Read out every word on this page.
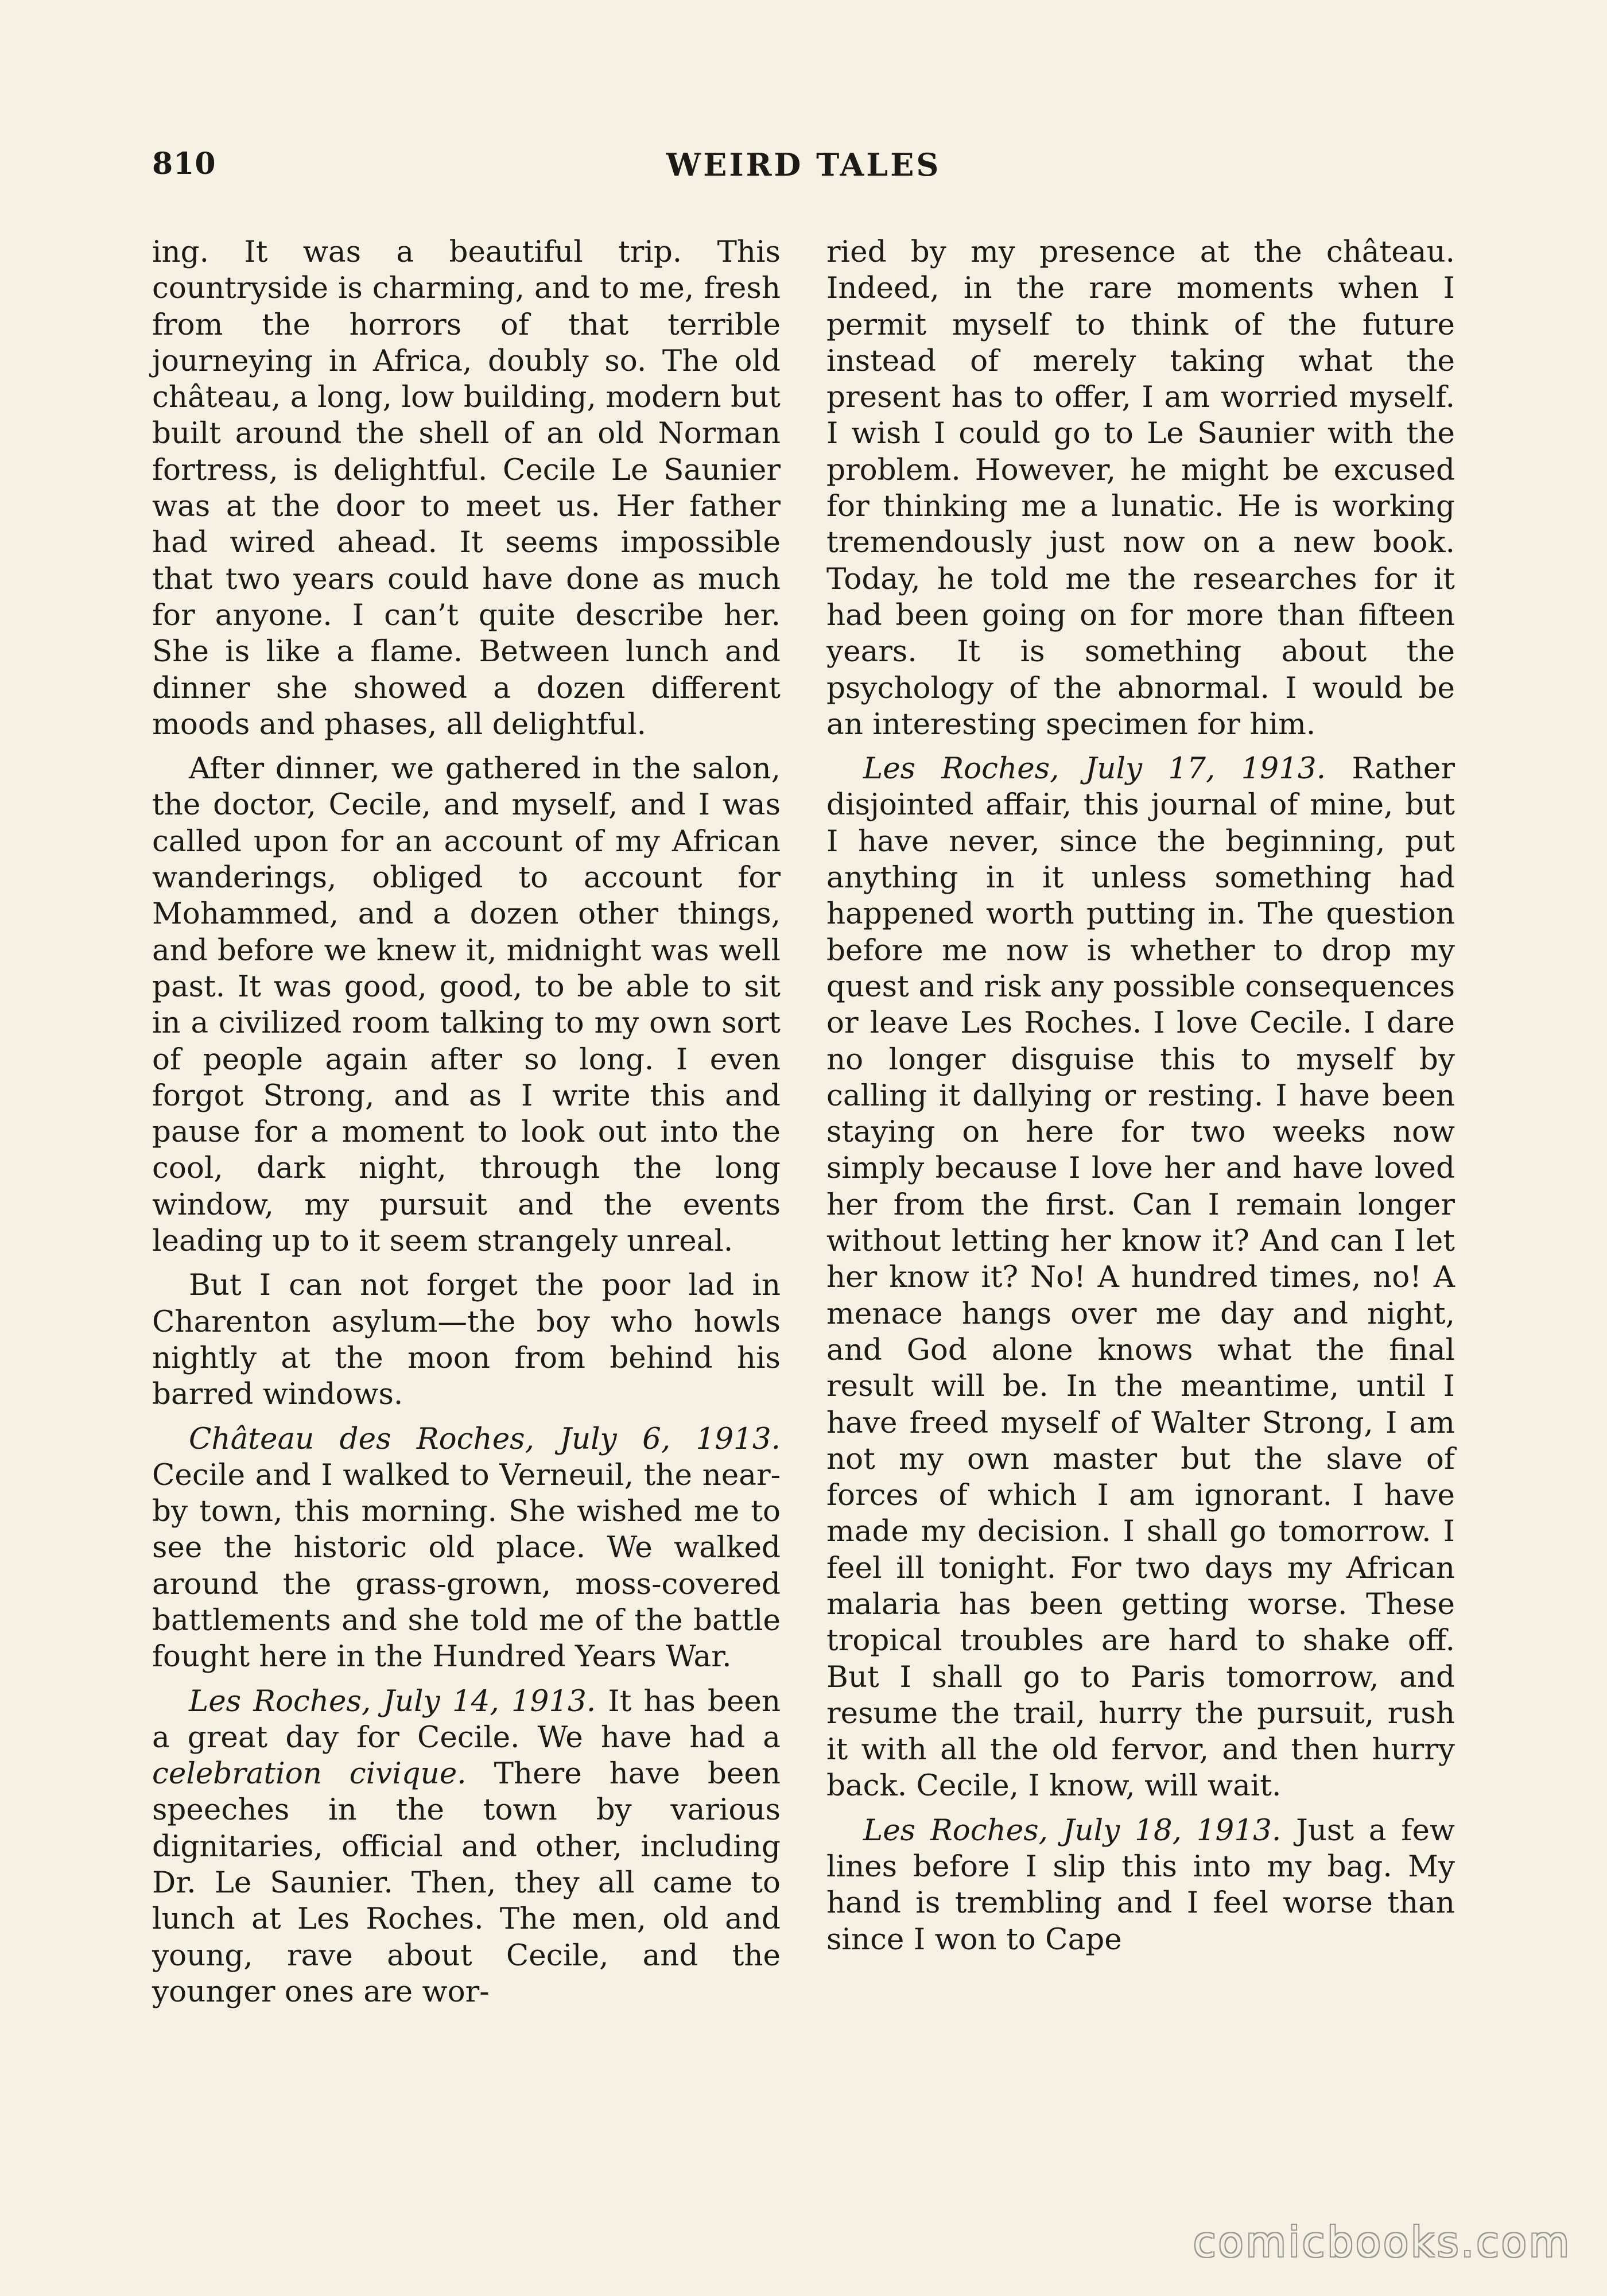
810	WEIRD TALES

ing. It was a beautiful trip. This countryside is charming, and to me, fresh from the horrors of that terrible journeying in Africa, doubly so. The old château, a long, low building, modern but built around the shell of an old Norman fortress, is delightful. Cecile Le Saunier was at the door to meet us. Her father had wired ahead. It seems impossible that two years could have done as much for anyone. I can’t quite describe her. She is like a flame. Between lunch and dinner she showed a dozen different moods and phases, all delightful.

After dinner, we gathered in the salon, the doctor, Cecile, and myself, and I was called upon for an account of my African wanderings, obliged to account for Mohammed, and a dozen other things, and before we knew it, midnight was well past. It was good, good, to be able to sit in a civilized room talking to my own sort of people again after so long. I even forgot Strong, and as I write this and pause for a moment to look out into the cool, dark night, through the long window, my pursuit and the events leading up to it seem strangely unreal.

But I can not forget the poor lad in Charenton asylum—the boy who howls nightly at the moon from behind his barred windows.

Château des Roches, July 6, 1913. Cecile and I walked to Verneuil, the near-by town, this morning. She wished me to see the historic old place. We walked around the grass-grown, moss-covered battlements and she told me of the battle fought here in the Hundred Years War.

Les Roches, July 14, 1913. It has been a great day for Cecile. We have had a celebration civique. There have been speeches in the town by various dignitaries, official and other, including Dr. Le Saunier. Then, they all came to lunch at Les Roches. The men, old and young, rave about Cecile, and the younger ones are wor-

ried by my presence at the château. Indeed, in the rare moments when I permit myself to think of the future instead of merely taking what the present has to offer, I am worried myself. I wish I could go to Le Saunier with the problem. However, he might be excused for thinking me a lunatic. He is working tremendously just now on a new book. Today, he told me the researches for it had been going on for more than fifteen years. It is something about the psychology of the abnormal. I would be an interesting specimen for him.

Les Roches, July 17, 1913. Rather disjointed affair, this journal of mine, but I have never, since the beginning, put anything in it unless something had happened worth putting in. The question before me now is whether to drop my quest and risk any possible consequences or leave Les Roches. I love Cecile. I dare no longer disguise this to myself by calling it dallying or resting. I have been staying on here for two weeks now simply because I love her and have loved her from the first. Can I remain longer without letting her know it? And can I let her know it? No! A hundred times, no! A menace hangs over me day and night, and God alone knows what the final result will be. In the meantime, until I have freed myself of Walter Strong, I am not my own master but the slave of forces of which I am ignorant. I have made my decision. I shall go tomorrow. I feel ill tonight. For two days my African malaria has been getting worse. These tropical troubles are hard to shake off. But I shall go to Paris tomorrow, and resume the trail, hurry the pursuit, rush it with all the old fervor, and then hurry back. Cecile, I know, will wait.

Les Roches, July 18, 1913. Just a few lines before I slip this into my bag. My hand is trembling and I feel worse than since I won to Cape

comicbooks.com
